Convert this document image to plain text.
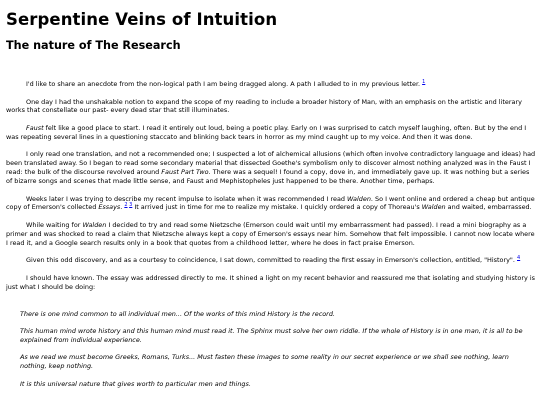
Serpentine Veins of Intuition
The nature of The Research

I'd like to share an anecdote from the non-logical path I am being dragged along. A path I alluded to in my previous letter. $^1$

One day I had the unshakable notion to expand the scope of my reading to include a broader history of Man, with an emphasis on the artistic and literary works that constellate our past- every dead star that still illuminates.

Faust felt like a good place to start. I read it entirely out loud, being a poetic play. Early on I was surprised to catch myself laughing, often. But by the end I was repeating several lines in a questioning staccato and blinking back tears in horror as my mind caught up to my voice. And then it was done.

I only read one translation, and not a recommended one; I suspected a lot of alchemical allusions (which often involve contradictory language and ideas) had been translated away. So I began to read some secondary material that dissected Goethe's symbolism only to discover almost nothing analyzed was in the Faust I read: the bulk of the discourse revolved around Faust Part Two. There was a sequel! I found a copy, dove in, and immediately gave up. It was nothing but a series of bizarre songs and scenes that made little sense, and Faust and Mephistopheles just happened to be there. Another time, perhaps.

Weeks later I was trying to describe my recent impulse to isolate when it was recommended I read Walden. So I went online and ordered a cheap but antique copy of Emerson's collected Essays. $^{2 3}$ It arrived just in time for me to realize my mistake. I quickly ordered a copy of Thoreau's Walden and waited, embarrassed.

While waiting for Walden I decided to try and read some Nietzsche (Emerson could wait until my embarrassment had passed). I read a mini biography as a primer and was shocked to read a claim that Nietzsche always kept a copy of Emerson's essays near him. Somehow that felt impossible. I cannot now locate where I read it, and a Google search results only in a book that quotes from a childhood letter, where he does in fact praise Emerson.

Given this odd discovery, and as a courtesy to coincidence, I sat down, committed to reading the first essay in Emerson's collection, entitled, "History". $^4$

I should have known. The essay was addressed directly to me. It shined a light on my recent behavior and reassured me that isolating and studying history is just what I should be doing:

There is one mind common to all individual men... Of the works of this mind History is the record.

This human mind wrote history and this human mind must read it. The Sphinx must solve her own riddle. If the whole of History is in one man, it is all to be explained from individual experience.

As we read we must become Greeks, Romans, Turks... Must fasten these images to some reality in our secret experience or we shall see nothing, learn nothing, keep nothing.

It is this universal nature that gives worth to particular men and things.
